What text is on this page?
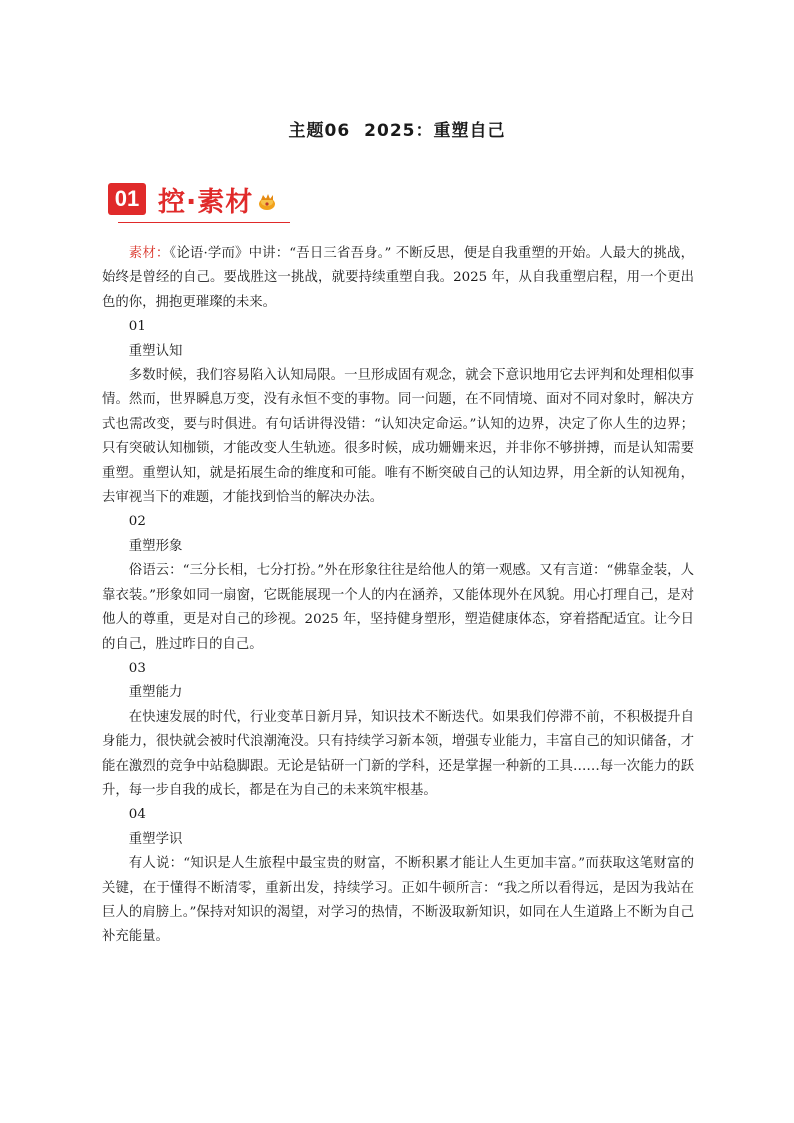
主题06 2025：重塑自己
01 控·素材

素材：《论语·学而》中讲：“吾日三省吾身。” 不断反思，便是自我重塑的开始。人最大的挑战，始终是曾经的自己。要战胜这一挑战，就要持续重塑自我。2025 年，从自我重塑启程，用一个更出色的你，拥抱更璀璨的未来。

01

重塑认知

多数时候，我们容易陷入认知局限。一旦形成固有观念，就会下意识地用它去评判和处理相似事情。然而，世界瞬息万变，没有永恒不变的事物。同一问题，在不同情境、面对不同对象时，解决方式也需改变，要与时俱进。有句话讲得没错：“认知决定命运。”认知的边界，决定了你人生的边界；只有突破认知枷锁，才能改变人生轨迹。很多时候，成功姗姗来迟，并非你不够拼搏，而是认知需要重塑。重塑认知，就是拓展生命的维度和可能。唯有不断突破自己的认知边界，用全新的认知视角，去审视当下的难题，才能找到恰当的解决办法。

02

重塑形象

俗语云：“三分长相，七分打扮。”外在形象往往是给他人的第一观感。又有言道：“佛靠金装，人靠衣装。”形象如同一扇窗，它既能展现一个人的内在涵养，又能体现外在风貌。用心打理自己，是对他人的尊重，更是对自己的珍视。2025 年，坚持健身塑形，塑造健康体态，穿着搭配适宜。让今日的自己，胜过昨日的自己。

03

重塑能力

在快速发展的时代，行业变革日新月异，知识技术不断迭代。如果我们停滞不前，不积极提升自身能力，很快就会被时代浪潮淹没。只有持续学习新本领，增强专业能力，丰富自己的知识储备，才能在激烈的竞争中站稳脚跟。无论是钻研一门新的学科，还是掌握一种新的工具……每一次能力的跃升，每一步自我的成长，都是在为自己的未来筑牢根基。

04

重塑学识

有人说：“知识是人生旅程中最宝贵的财富，不断积累才能让人生更加丰富。”而获取这笔财富的关键，在于懂得不断清零，重新出发，持续学习。正如牛顿所言：“我之所以看得远，是因为我站在巨人的肩膀上。”保持对知识的渴望，对学习的热情，不断汲取新知识，如同在人生道路上不断为自己补充能量。
